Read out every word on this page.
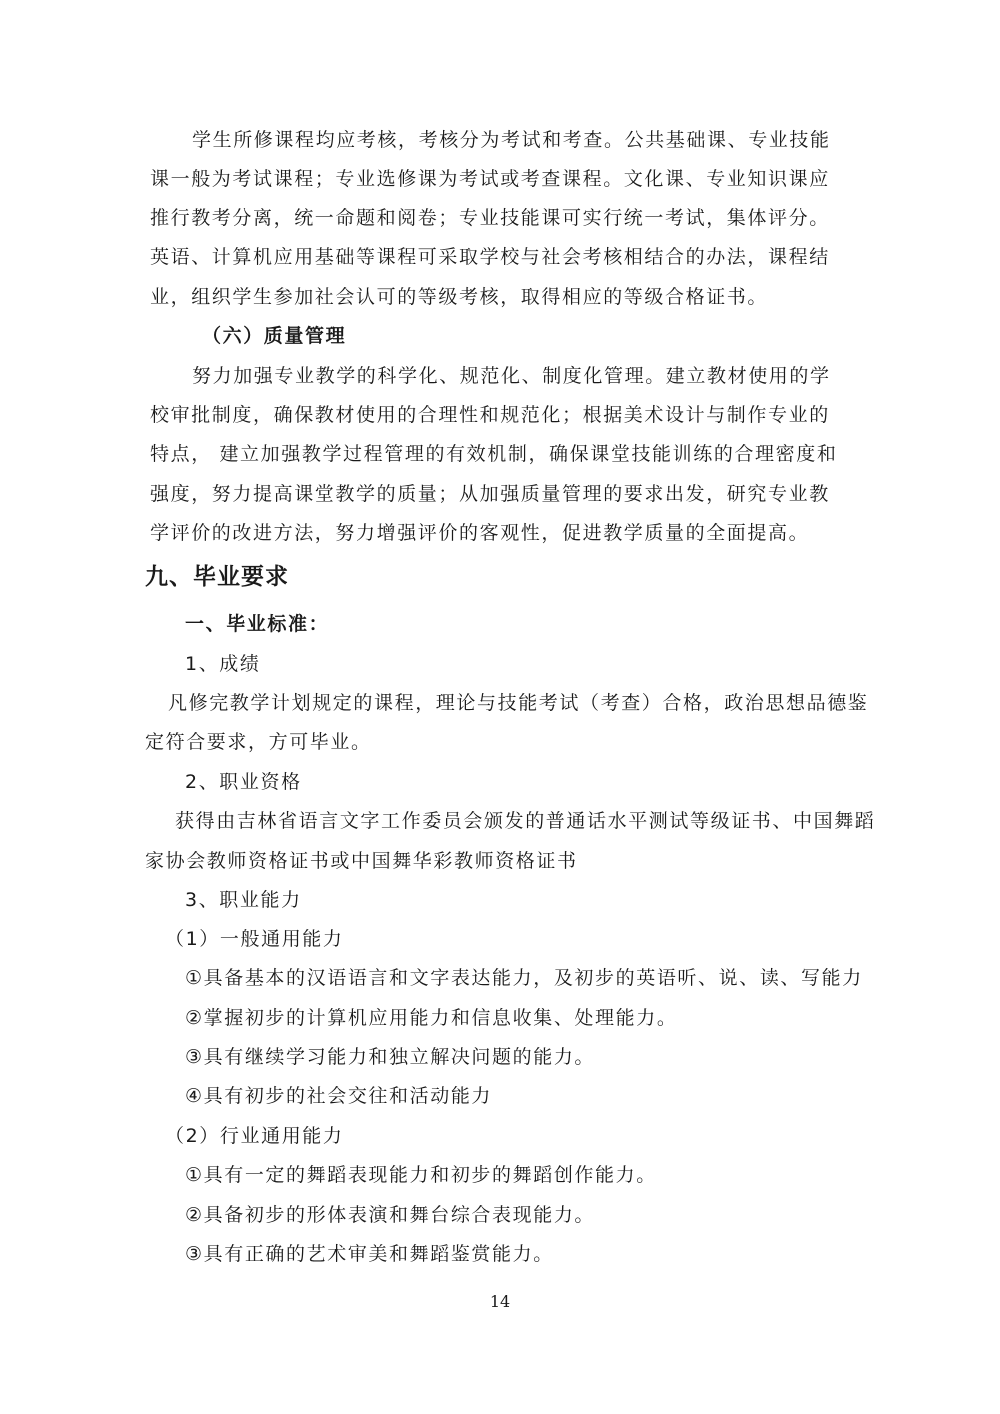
学生所修课程均应考核，考核分为考试和考查。公共基础课、专业技能
课一般为考试课程；专业选修课为考试或考查课程。文化课、专业知识课应
推行教考分离，统一命题和阅卷；专业技能课可实行统一考试，集体评分。
英语、计算机应用基础等课程可采取学校与社会考核相结合的办法，课程结
业，组织学生参加社会认可的等级考核，取得相应的等级合格证书。
（六）质量管理
努力加强专业教学的科学化、规范化、制度化管理。建立教材使用的学
校审批制度，确保教材使用的合理性和规范化；根据美术设计与制作专业的
特点， 建立加强教学过程管理的有效机制，确保课堂技能训练的合理密度和
强度，努力提高课堂教学的质量；从加强质量管理的要求出发，研究专业教
学评价的改进方法，努力增强评价的客观性，促进教学质量的全面提高。
九、毕业要求
一、毕业标准：
1、成绩
凡修完教学计划规定的课程，理论与技能考试（考查）合格，政治思想品德鉴
定符合要求，方可毕业。
2、职业资格
获得由吉林省语言文字工作委员会颁发的普通话水平测试等级证书、中国舞蹈
家协会教师资格证书或中国舞华彩教师资格证书
3、职业能力
（1）一般通用能力
①具备基本的汉语语言和文字表达能力，及初步的英语听、说、读、写能力
②掌握初步的计算机应用能力和信息收集、处理能力。
③具有继续学习能力和独立解决问题的能力。
④具有初步的社会交往和活动能力
（2）行业通用能力
①具有一定的舞蹈表现能力和初步的舞蹈创作能力。
②具备初步的形体表演和舞台综合表现能力。
③具有正确的艺术审美和舞蹈鉴赏能力。
14
